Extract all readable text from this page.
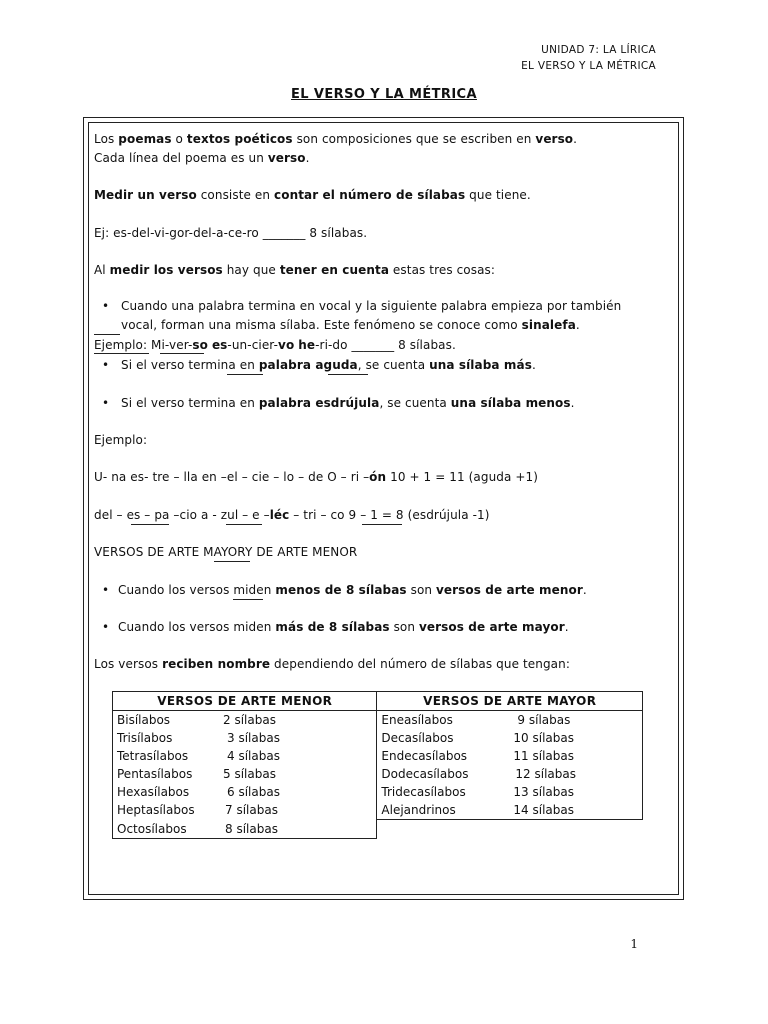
UNIDAD 7: LA LÍRICA
EL VERSO Y LA MÉTRICA
EL VERSO Y LA MÉTRICA
Los poemas o textos poéticos son composiciones que se escriben en verso.
Cada línea del poema es un verso.
Medir un verso consiste en contar el número de sílabas que tiene.
Ej: es-del-vi-gor-del-a-ce-ro _______ 8 sílabas.
Al medir los versos hay que tener en cuenta estas tres cosas:
• Cuando una palabra termina en vocal y la siguiente palabra empieza por también
vocal, forman una misma sílaba. Este fenómeno se conoce como sinalefa.
Ejemplo: Mi-ver-so es-un-cier-vo he-ri-do _______ 8 sílabas.
• Si el verso termina en palabra aguda, se cuenta una sílaba más.
• Si el verso termina en palabra esdrújula, se cuenta una sílaba menos.
Ejemplo:
U- na es- tre – lla en –el – cie – lo – de O – ri –ón 10 + 1 = 11 (aguda +1)
del – es – pa –cio a - zul – e –léc – tri – co 9 – 1 = 8 (esdrújula -1)
VERSOS DE ARTE MAYORY DE ARTE MENOR
• Cuando los versos miden menos de 8 sílabas son versos de arte menor.
• Cuando los versos miden más de 8 sílabas son versos de arte mayor.
Los versos reciben nombre dependiendo del número de sílabas que tengan:
VERSOS DE ARTE MENOR	VERSOS DE ARTE MAYOR
Bisílabos 2 sílabas	Eneasílabos 9 sílabas
Trisílabos 3 sílabas	Decasílabos 10 sílabas
Tetrasílabos 4 sílabas	Endecasílabos 11 sílabas
Pentasílabos 5 sílabas	Dodecasílabos 12 sílabas
Hexasílabos 6 sílabas	Tridecasílabos 13 sílabas
Heptasílabos 7 sílabas	Alejandrinos 14 sílabas
Octosílabos 8 sílabas	
1
